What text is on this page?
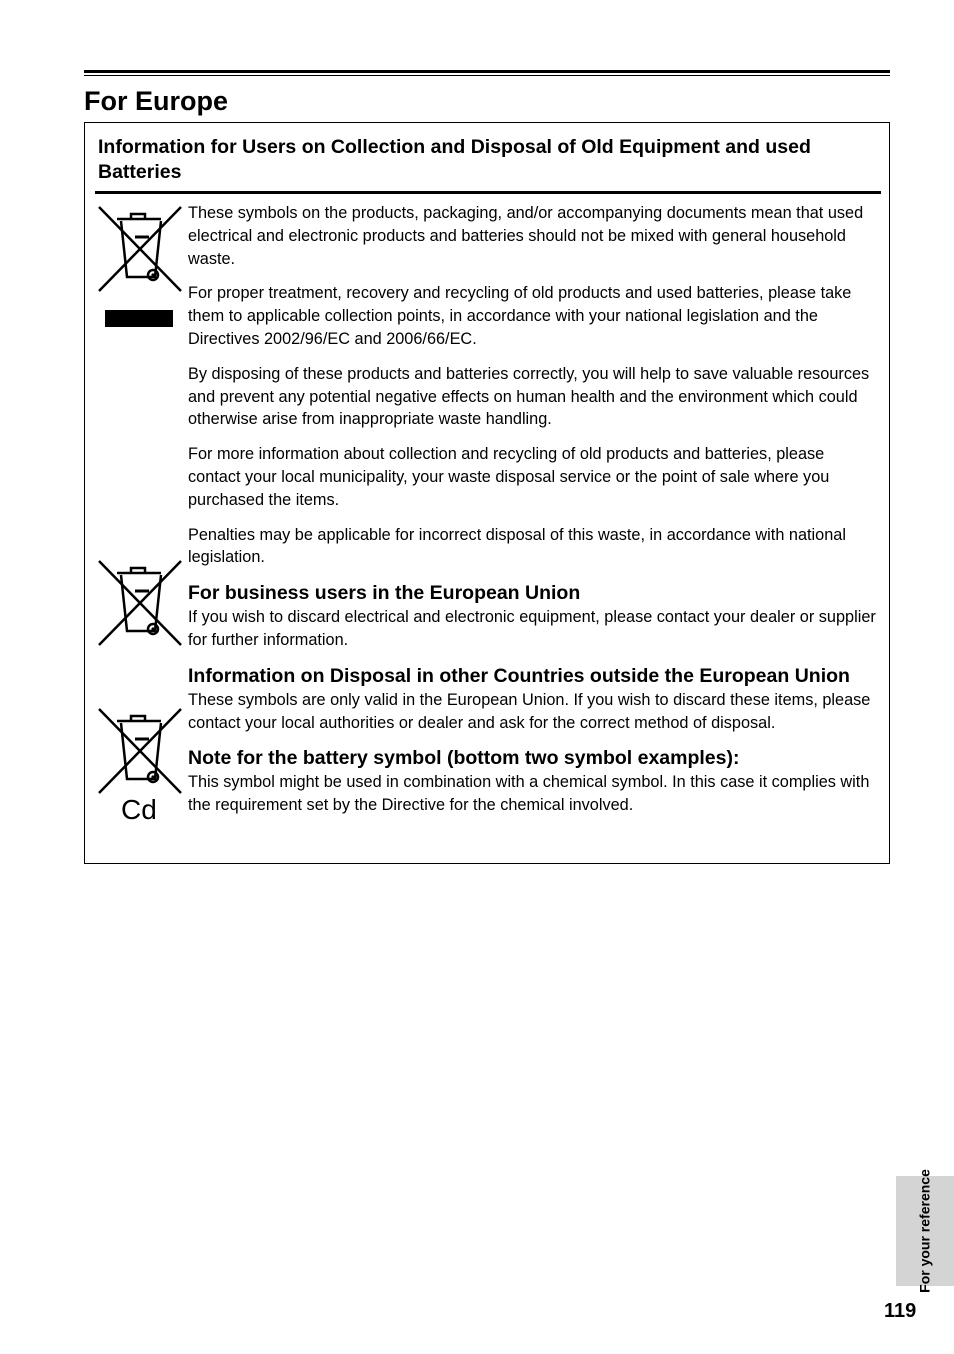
For Europe
Information for Users on Collection and Disposal of Old Equipment and used Batteries
Cd

These symbols on the products, packaging, and/or accompanying documents mean that used electrical and electronic products and batteries should not be mixed with general household waste.

For proper treatment, recovery and recycling of old products and used batteries, please take them to applicable collection points, in accordance with your national legislation and the Directives 2002/96/EC and 2006/66/EC.

By disposing of these products and batteries correctly, you will help to save valuable resources and prevent any potential negative effects on human health and the environment which could otherwise arise from inappropriate waste handling.

For more information about collection and recycling of old products and batteries, please contact your local municipality, your waste disposal service or the point of sale where you purchased the items.

Penalties may be applicable for incorrect disposal of this waste, in accordance with national legislation.

For business users in the European Union

If you wish to discard electrical and electronic equipment, please contact your dealer or supplier for further information.

Information on Disposal in other Countries outside the European Union

These symbols are only valid in the European Union. If you wish to discard these items, please contact your local authorities or dealer and ask for the correct method of disposal.

Note for the battery symbol (bottom two symbol examples):

This symbol might be used in combination with a chemical symbol. In this case it complies with the requirement set by the Directive for the chemical involved.

For your reference
119
